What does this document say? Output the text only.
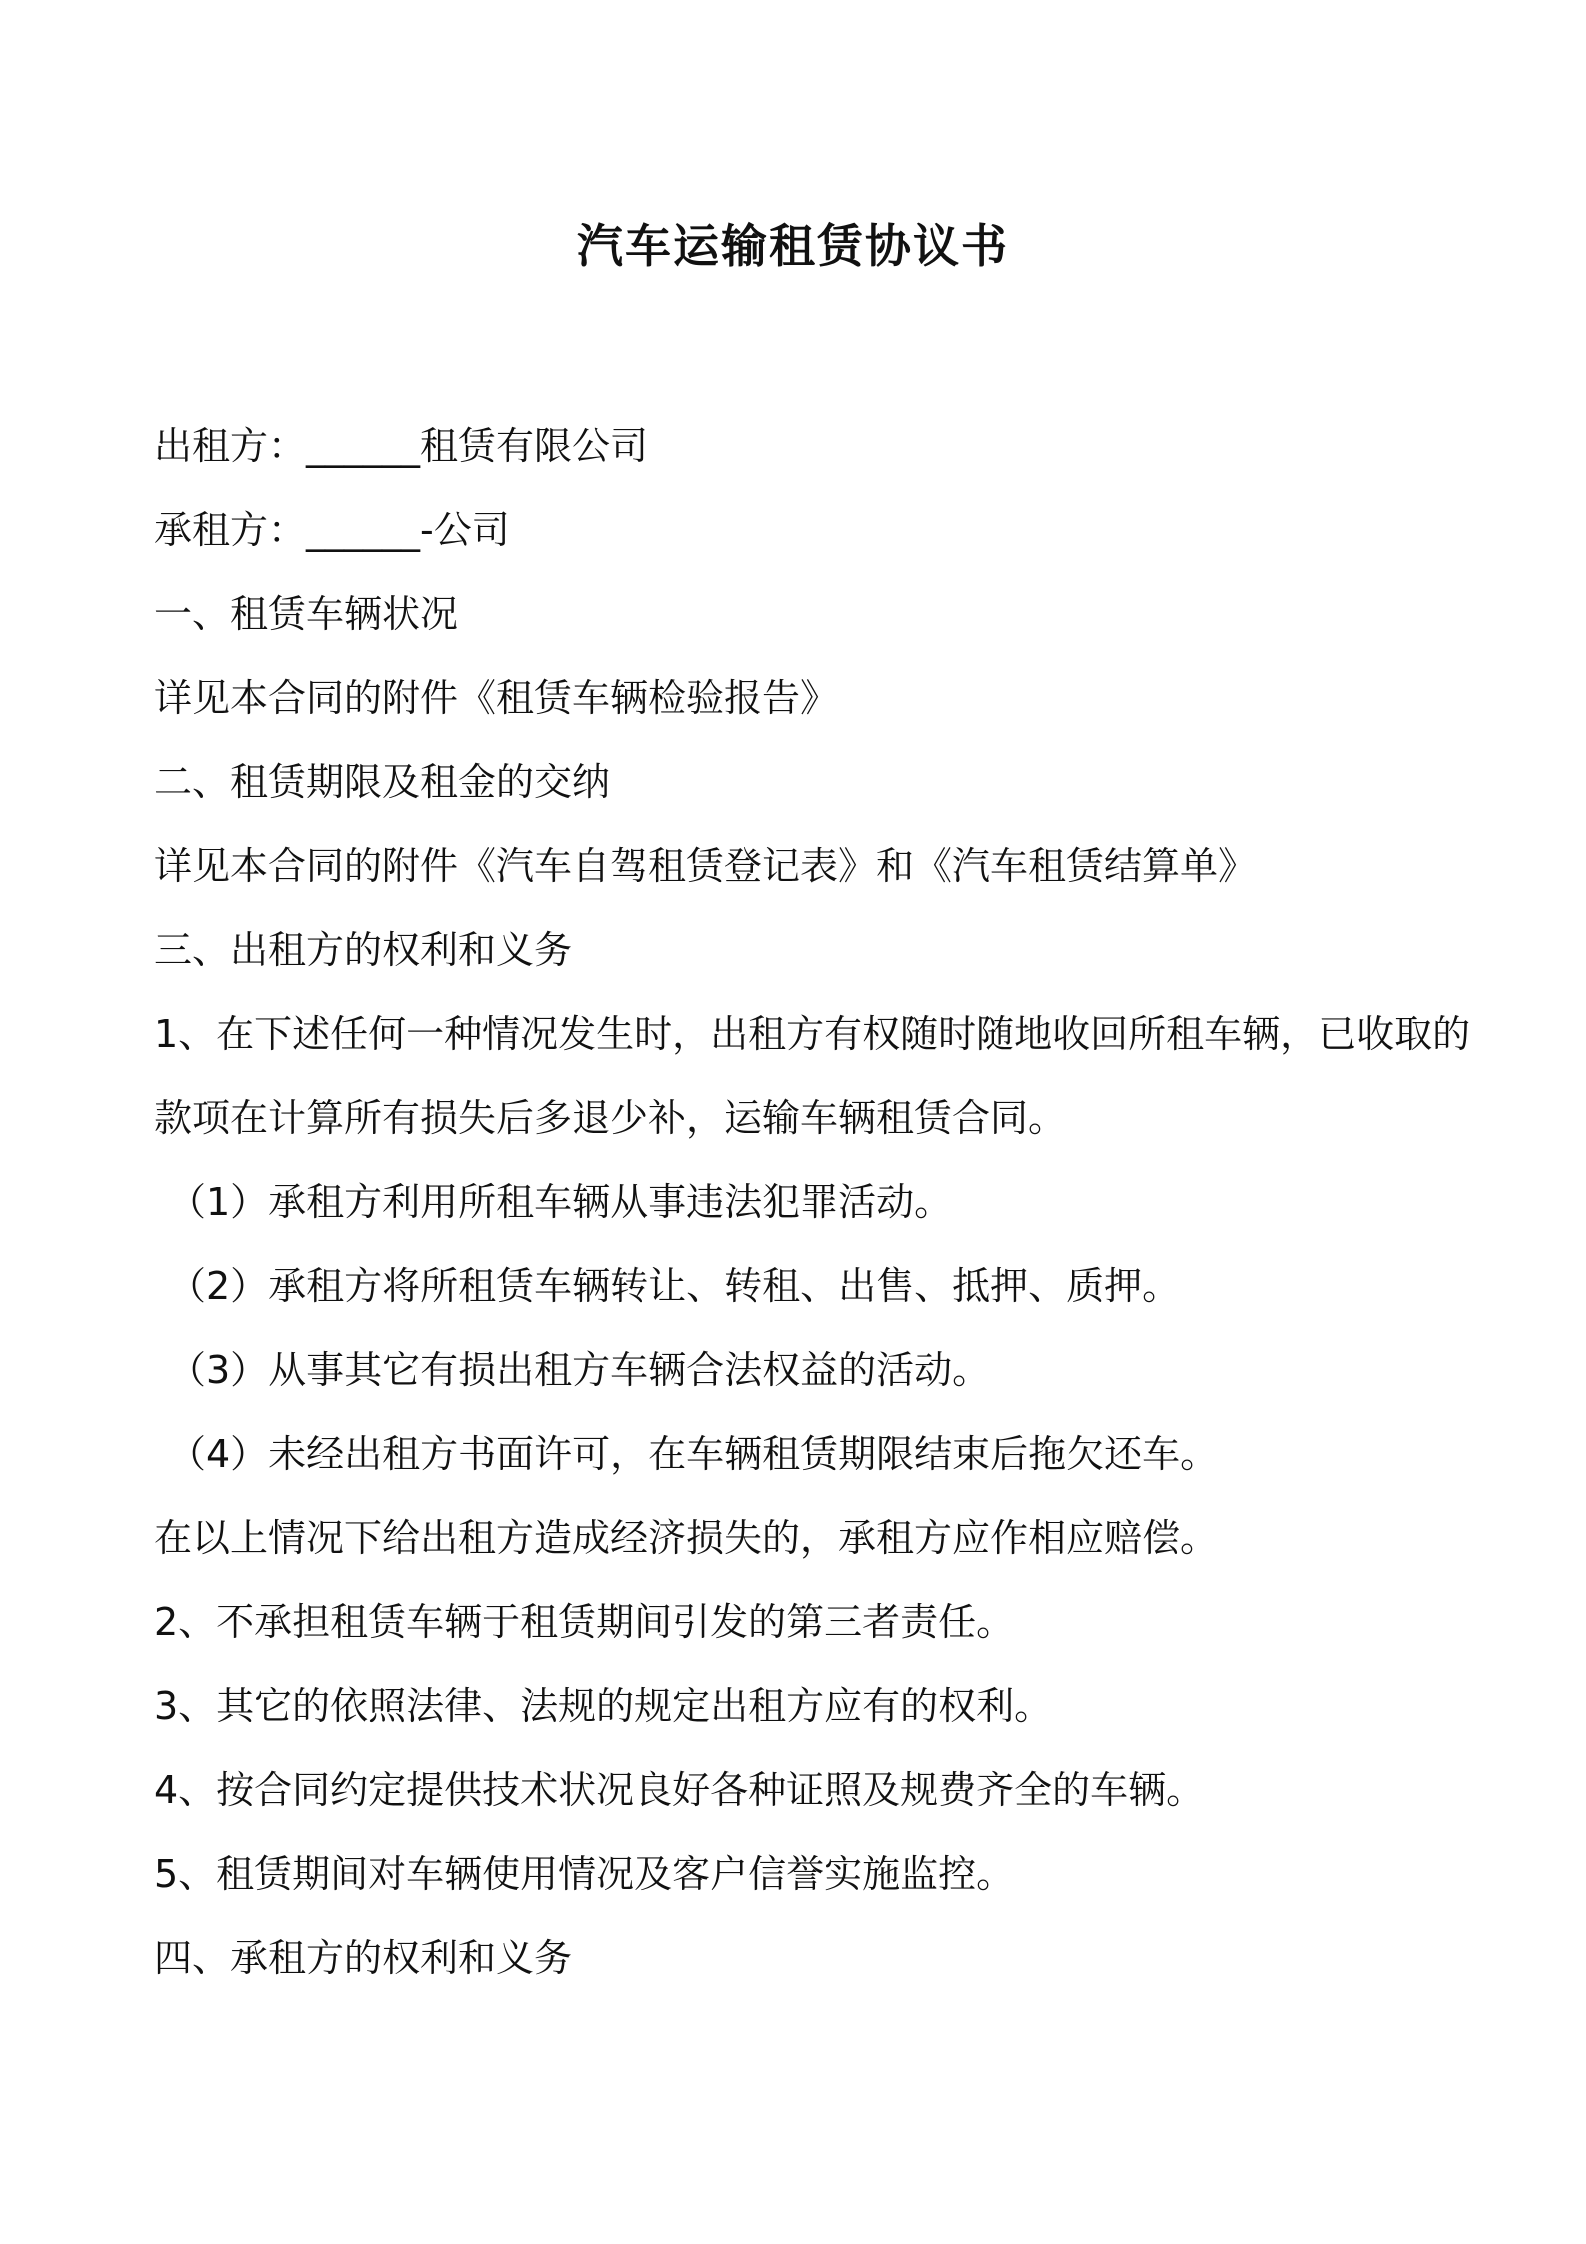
汽车运输租赁协议书

出租方：______租赁有限公司

承租方：______-公司

一、租赁车辆状况

详见本合同的附件《租赁车辆检验报告》

二、租赁期限及租金的交纳

详见本合同的附件《汽车自驾租赁登记表》和《汽车租赁结算单》

三、出租方的权利和义务

1、在下述任何一种情况发生时，出租方有权随时随地收回所租车辆，已收取的

款项在计算所有损失后多退少补，运输车辆租赁合同。

（1）承租方利用所租车辆从事违法犯罪活动。

（2）承租方将所租赁车辆转让、转租、出售、抵押、质押。

（3）从事其它有损出租方车辆合法权益的活动。

（4）未经出租方书面许可，在车辆租赁期限结束后拖欠还车。

在以上情况下给出租方造成经济损失的，承租方应作相应赔偿。

2、不承担租赁车辆于租赁期间引发的第三者责任。

3、其它的依照法律、法规的规定出租方应有的权利。

4、按合同约定提供技术状况良好各种证照及规费齐全的车辆。

5、租赁期间对车辆使用情况及客户信誉实施监控。

四、承租方的权利和义务
